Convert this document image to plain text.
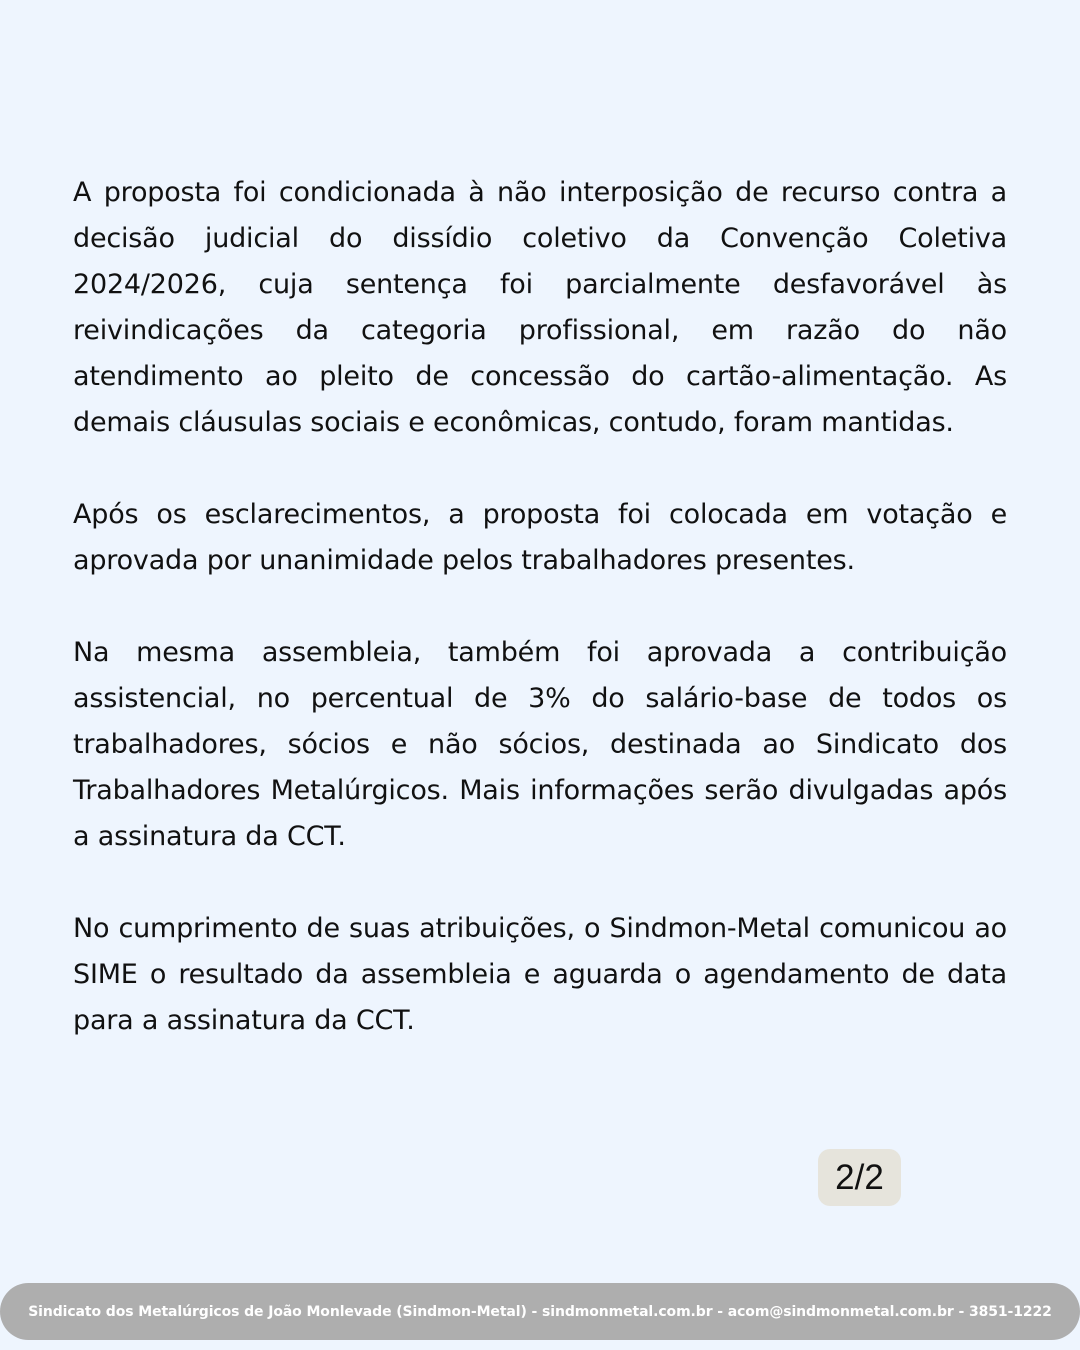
A proposta foi condicionada à não interposição de recurso contra a decisão judicial do dissídio coletivo da Convenção Coletiva 2024/2026, cuja sentença foi parcialmente desfavorável às reivindicações da categoria profissional, em razão do não atendimento ao pleito de concessão do cartão-alimentação. As demais cláusulas sociais e econômicas, contudo, foram mantidas.

Após os esclarecimentos, a proposta foi colocada em votação e aprovada por unanimidade pelos trabalhadores presentes.

Na mesma assembleia, também foi aprovada a contribuição assistencial, no percentual de 3% do salário-base de todos os trabalhadores, sócios e não sócios, destinada ao Sindicato dos Trabalhadores Metalúrgicos. Mais informações serão divulgadas após a assinatura da CCT.

No cumprimento de suas atribuições, o Sindmon-Metal comunicou ao SIME o resultado da assembleia e aguarda o agendamento de data para a assinatura da CCT.

2/2
Sindicato dos Metalúrgicos de João Monlevade (Sindmon-Metal) - sindmonmetal.com.br - acom@sindmonmetal.com.br - 3851-1222
